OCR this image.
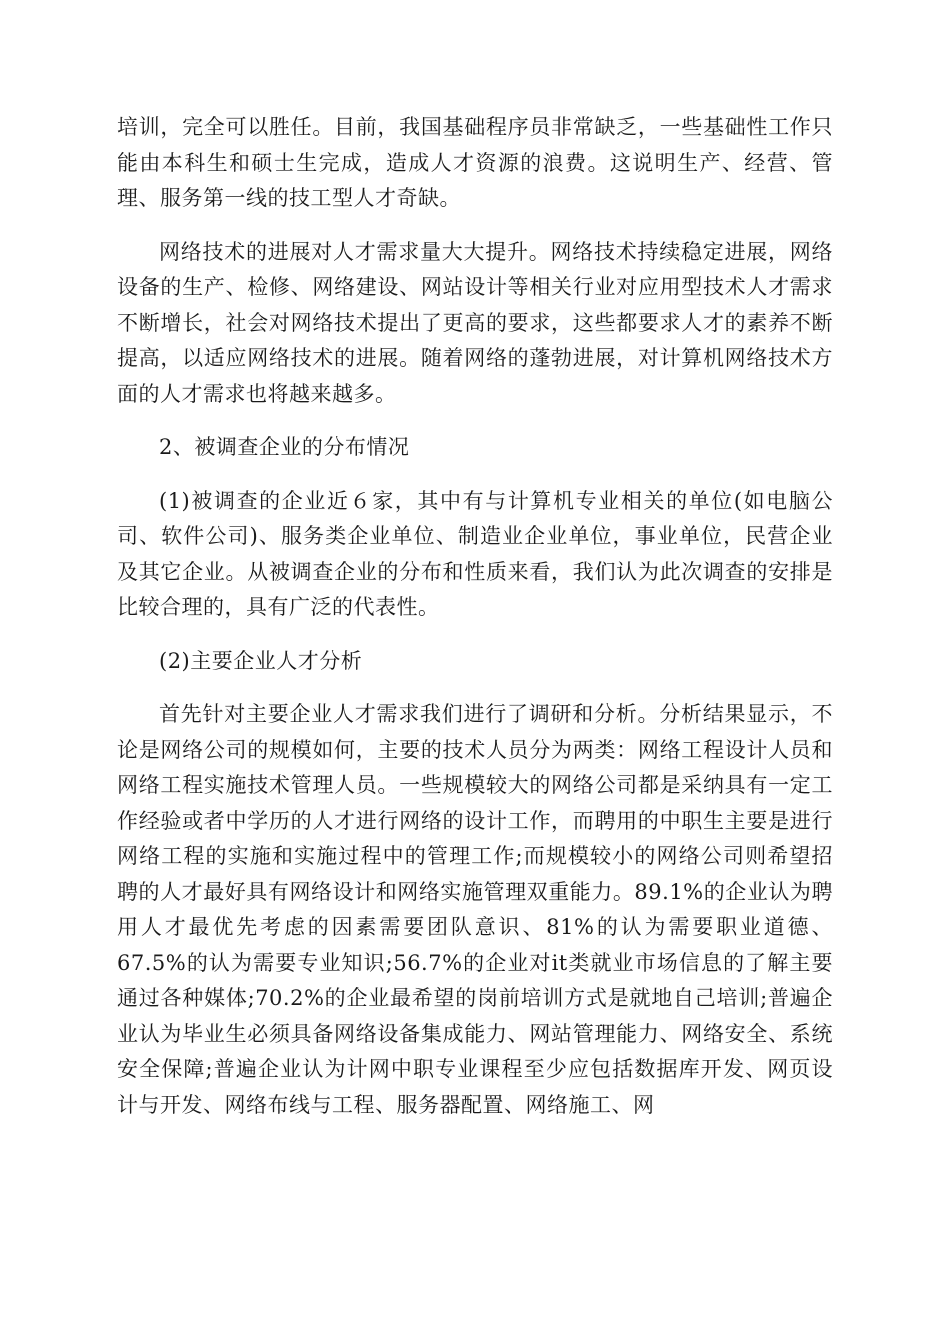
培训，完全可以胜任。目前，我国基础程序员非常缺乏，一些基础性工作只能由本科生和硕士生完成，造成人才资源的浪费。这说明生产、经营、管理、服务第一线的技工型人才奇缺。

网络技术的进展对人才需求量大大提升。网络技术持续稳定进展，网络设备的生产、检修、网络建设、网站设计等相关行业对应用型技术人才需求不断增长，社会对网络技术提出了更高的要求，这些都要求人才的素养不断提高，以适应网络技术的进展。随着网络的蓬勃进展，对计算机网络技术方面的人才需求也将越来越多。

2、被调查企业的分布情况

(1)被调查的企业近６家，其中有与计算机专业相关的单位(如电脑公司、软件公司)、服务类企业单位、制造业企业单位，事业单位，民营企业及其它企业。从被调查企业的分布和性质来看，我们认为此次调查的安排是比较合理的，具有广泛的代表性。

(2)主要企业人才分析

首先针对主要企业人才需求我们进行了调研和分析。分析结果显示，不论是网络公司的规模如何，主要的技术人员分为两类：网络工程设计人员和网络工程实施技术管理人员。一些规模较大的网络公司都是采纳具有一定工作经验或者中学历的人才进行网络的设计工作，而聘用的中职生主要是进行网络工程的实施和实施过程中的管理工作;而规模较小的网络公司则希望招聘的人才最好具有网络设计和网络实施管理双重能力。89.1%的企业认为聘用人才最优先考虑的因素需要团队意识、81%的认为需要职业道德、67.5%的认为需要专业知识;56.7%的企业对it类就业市场信息的了解主要通过各种媒体;70.2%的企业最希望的岗前培训方式是就地自己培训;普遍企业认为毕业生必须具备网络设备集成能力、网站管理能力、网络安全、系统安全保障;普遍企业认为计网中职专业课程至少应包括数据库开发、网页设计与开发、网络布线与工程、服务器配置、网络施工、网
